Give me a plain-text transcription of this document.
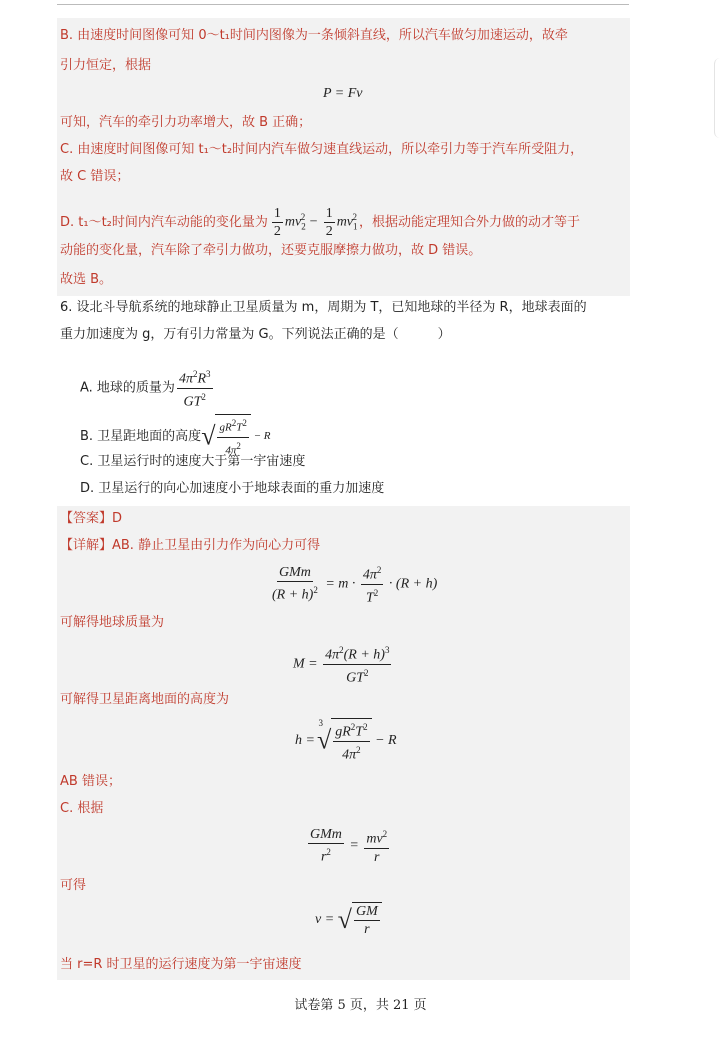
B. 由速度时间图像可知 0～t₁时间内图像为一条倾斜直线，所以汽车做匀加速运动，故牵
引力恒定，根据
P = Fv
可知，汽车的牵引力功率增大，故 B 正确；
C. 由速度时间图像可知 t₁～t₂时间内汽车做匀速直线运动，所以牵引力等于汽车所受阻力，
故 C 错误；
D. t₁～t₂时间内汽车动能的变化量为 $\frac{1}{2} mv_2^2 - \frac{1}{2} mv_1^2$ ，根据动能定理知合外力做的动才等于
动能的变化量，汽车除了牵引力做功，还要克服摩擦力做功，故 D 错误。
故选 B。
6. 设北斗导航系统的地球静止卫星质量为 m，周期为 T，已知地球的半径为 R，地球表面的
重力加速度为 g，万有引力常量为 G。下列说法正确的是（　　　）
A. 地球的质量为 $\frac{4\pi^2R^3}{GT^2}$
B. 卫星距地面的高度√ $\frac{gR^2T^2}{4\pi^2} - R$
C. 卫星运行时的速度大于第一宇宙速度
D. 卫星运行的向心加速度小于地球表面的重力加速度
【答案】D
【详解】AB. 静止卫星由引力作为向心力可得
$\frac{\text{GMm}}{(R + h)^2} = m \cdot \frac{4\pi^2}{T^2} \cdot (R + h)$
可解得地球质量为
$M = \frac{4\pi^2(R + h)^3}{GT^2}$
可解得卫星距离地面的高度为
$h = ^3√ \frac{gR^2T^2}{4\pi^2} - R$
AB 错误；
C. 根据
$\frac{\text{GMm}}{r^2} = \frac{mv^2}{r}$
可得
v = √ $\frac{GM}{r}$
当 r=R 时卫星的运行速度为第一宇宙速度
试卷第 5 页，共 21 页
